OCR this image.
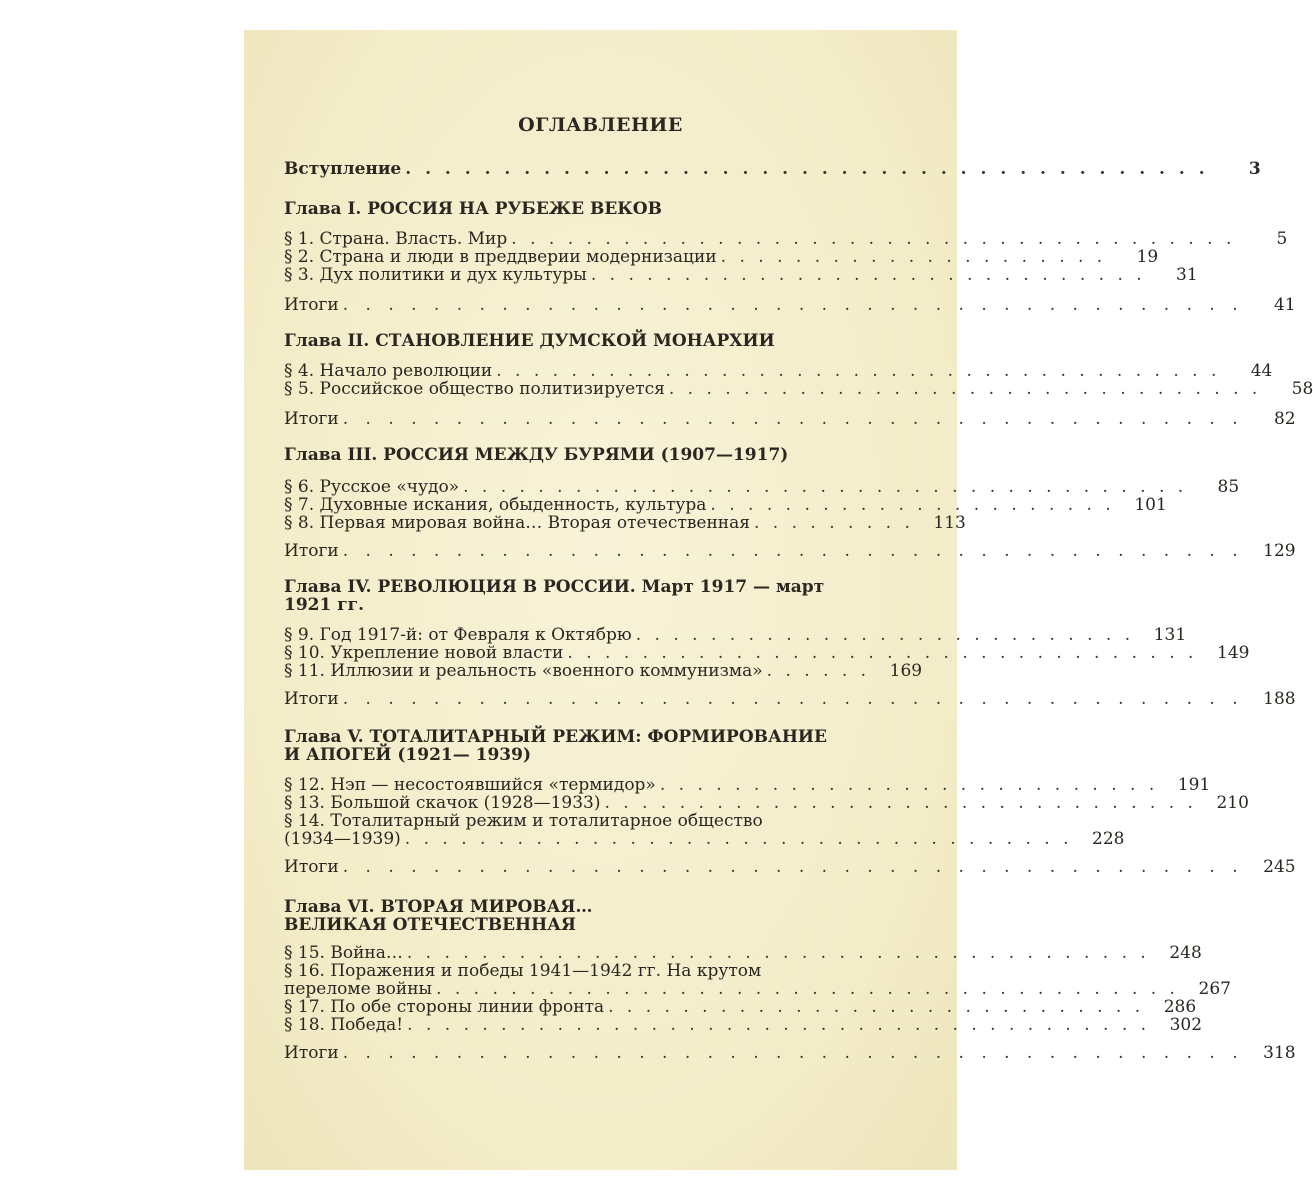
ОГЛАВЛЕНИЕ
Вступление . . . . . . . . . . . . . . . . . . . . . . . . . . . . . . . . . . . . . . . . .	3

Глава I. РОССИЯ НА РУБЕЖЕ ВЕКОВ

§ 1. Страна. Власть. Мир . . . . . . . . . . . . . . . . . . . . . . . . . . . . . . . . . . . . . . .	5
§ 2. Страна и люди в преддверии модернизации . . . . . . . . . . . . . . . . . . . . .	19
§ 3. Дух политики и дух культуры . . . . . . . . . . . . . . . . . . . . . . . . . . . . . .	31
Итоги . . . . . . . . . . . . . . . . . . . . . . . . . . . . . . . . . . . . . . . .	41

Глава II. СТАНОВЛЕНИЕ ДУМСКОЙ МОНАРХИИ

§ 4. Начало революции . . . . . . . . . . . . . . . . . . . . . . . . . . . . . . . . . . . . . . .	44
§ 5. Российское общество политизируется . . . . . . . . . . . . . . . . . . . . . . . . . . . . . . . .	58
Итоги . . . . . . . . . . . . . . . . . . . . . . . . . . . . . . . . . . . . . . . .	82

Глава III. РОССИЯ МЕЖДУ БУРЯМИ (1907—1917)

§ 6. Русское «чудо» . . . . . . . . . . . . . . . . . . . . . . . . . . . . . . . . . . . . . . .	85
§ 7. Духовные искания, обыденность, культура . . . . . . . . . . . . . . . . . . . . . .	101
§ 8. Первая мировая война… Вторая отечественная . . . . . . . . .	113
Итоги . . . . . . . . . . . . . . . . . . . . . . . . . . . . . . . . . . . . . . . .	129

Глава IV. РЕВОЛЮЦИЯ В РОССИИ. Март 1917 — март

1921 гг.

§ 9. Год 1917-й: от Февраля к Октябрю . . . . . . . . . . . . . . . . . . . . . . . . . . .	131
§ 10. Укрепление новой власти . . . . . . . . . . . . . . . . . . . . . . . . . . . . . . . . . .	149
§ 11. Иллюзии и реальность «военного коммунизма» . . . . . .	169
Итоги . . . . . . . . . . . . . . . . . . . . . . . . . . . . . . . . . . . . . . . .	188

Глава V. ТОТАЛИТАРНЫЙ РЕЖИМ: ФОРМИРОВАНИЕ

И АПОГЕЙ (1921— 1939)

§ 12. Нэп — несостоявшийся «термидор» . . . . . . . . . . . . . . . . . . . . . . . . . . .	191
§ 13. Большой скачок (1928—1933) . . . . . . . . . . . . . . . . . . . . . . . . . . . . . . . .	210
§ 14. Тоталитарный режим и тоталитарное общество
(1934—1939) . . . . . . . . . . . . . . . . . . . . . . . . . . . . . . . . . . . .	228
Итоги . . . . . . . . . . . . . . . . . . . . . . . . . . . . . . . . . . . . . . . .	245

Глава VI. ВТОРАЯ МИРОВАЯ…

ВЕЛИКАЯ ОТЕЧЕСТВЕННАЯ

§ 15. Война… . . . . . . . . . . . . . . . . . . . . . . . . . . . . . . . . . . . . . . . .	248
§ 16. Поражения и победы 1941—1942 гг. На крутом
переломе войны . . . . . . . . . . . . . . . . . . . . . . . . . . . . . . . . . . . . . . . .	267
§ 17. По обе стороны линии фронта . . . . . . . . . . . . . . . . . . . . . . . . . . . . .	286
§ 18. Победа! . . . . . . . . . . . . . . . . . . . . . . . . . . . . . . . . . . . . . . . .	302
Итоги . . . . . . . . . . . . . . . . . . . . . . . . . . . . . . . . . . . . . . . .	318
